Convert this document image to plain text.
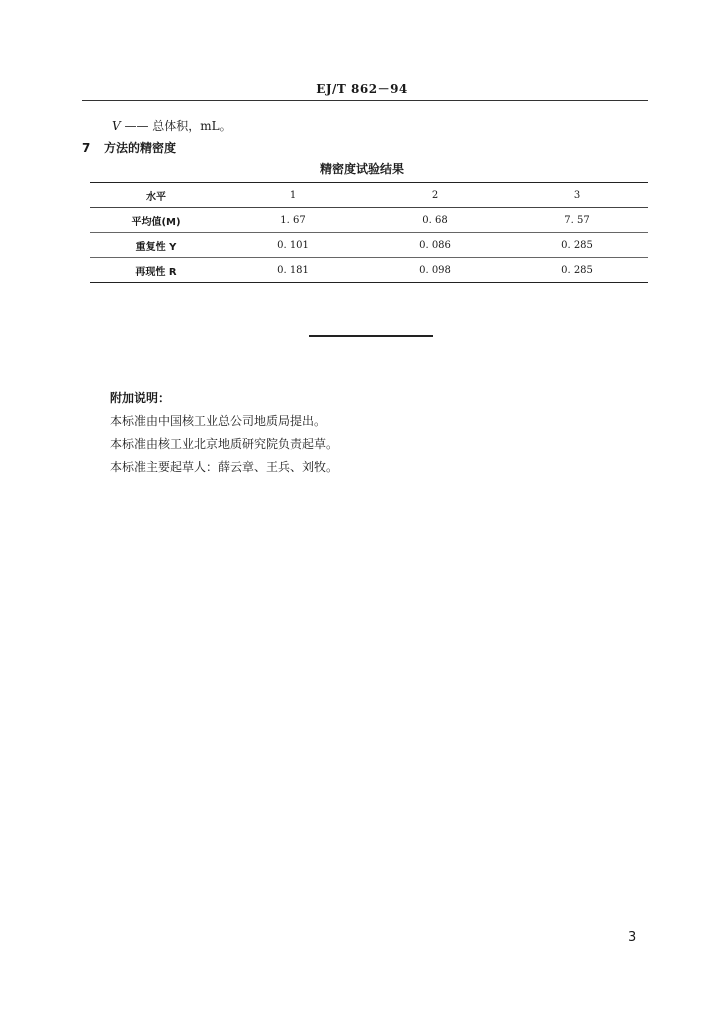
EJ/T 862－94
V —— 总体积，mL。
7 方法的精密度
精密度试验结果
水平	1	2	3
平均值(M)	1. 67	0. 68	7. 57
重复性 Y	0. 101	0. 086	0. 285
再现性 R	0. 181	0. 098	0. 285
附加说明：
本标准由中国核工业总公司地质局提出。
本标准由核工业北京地质研究院负责起草。
本标准主要起草人：薛云章、王兵、刘牧。
3
